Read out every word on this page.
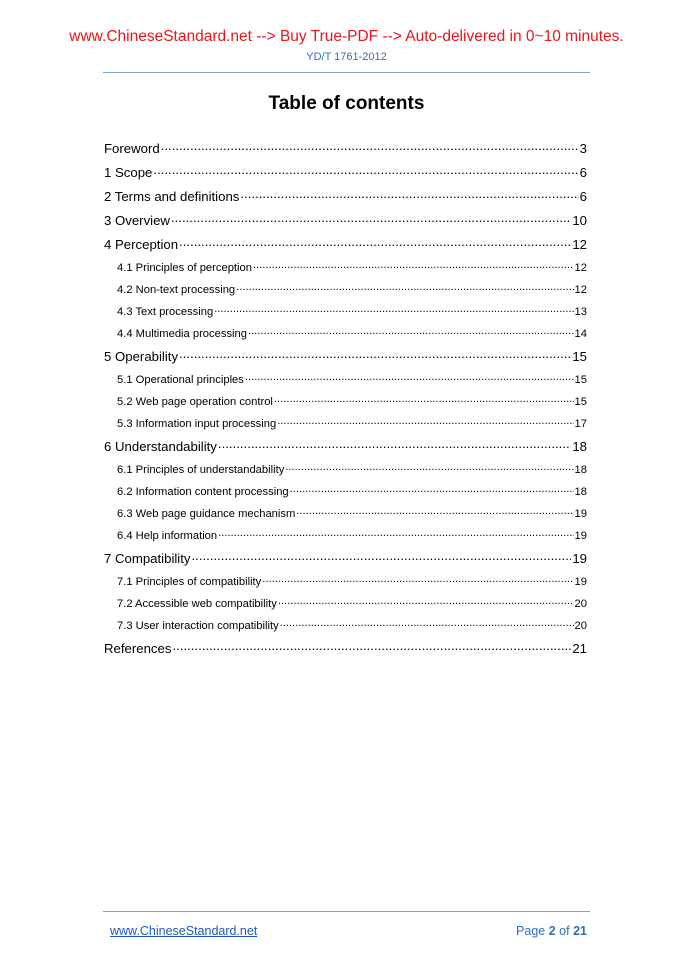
www.ChineseStandard.net --> Buy True-PDF --> Auto-delivered in 0~10 minutes.
YD/T 1761-2012
Table of contents
Foreword .....	3
1 Scope .....	6
2 Terms and definitions .....	6
3 Overview .....	10
4 Perception .....	12
4.1 Principles of perception .....	12
4.2 Non-text processing .....	12
4.3 Text processing .....	13
4.4 Multimedia processing .....	14
5 Operability .....	15
5.1 Operational principles .....	15
5.2 Web page operation control .....	15
5.3 Information input processing .....	17
6 Understandability .....	18
6.1 Principles of understandability .....	18
6.2 Information content processing .....	18
6.3 Web page guidance mechanism .....	19
6.4 Help information .....	19
7 Compatibility .....	19
7.1 Principles of compatibility .....	19
7.2 Accessible web compatibility .....	20
7.3 User interaction compatibility .....	20
References .....	21
www.ChineseStandard.net	Page 2 of 21
